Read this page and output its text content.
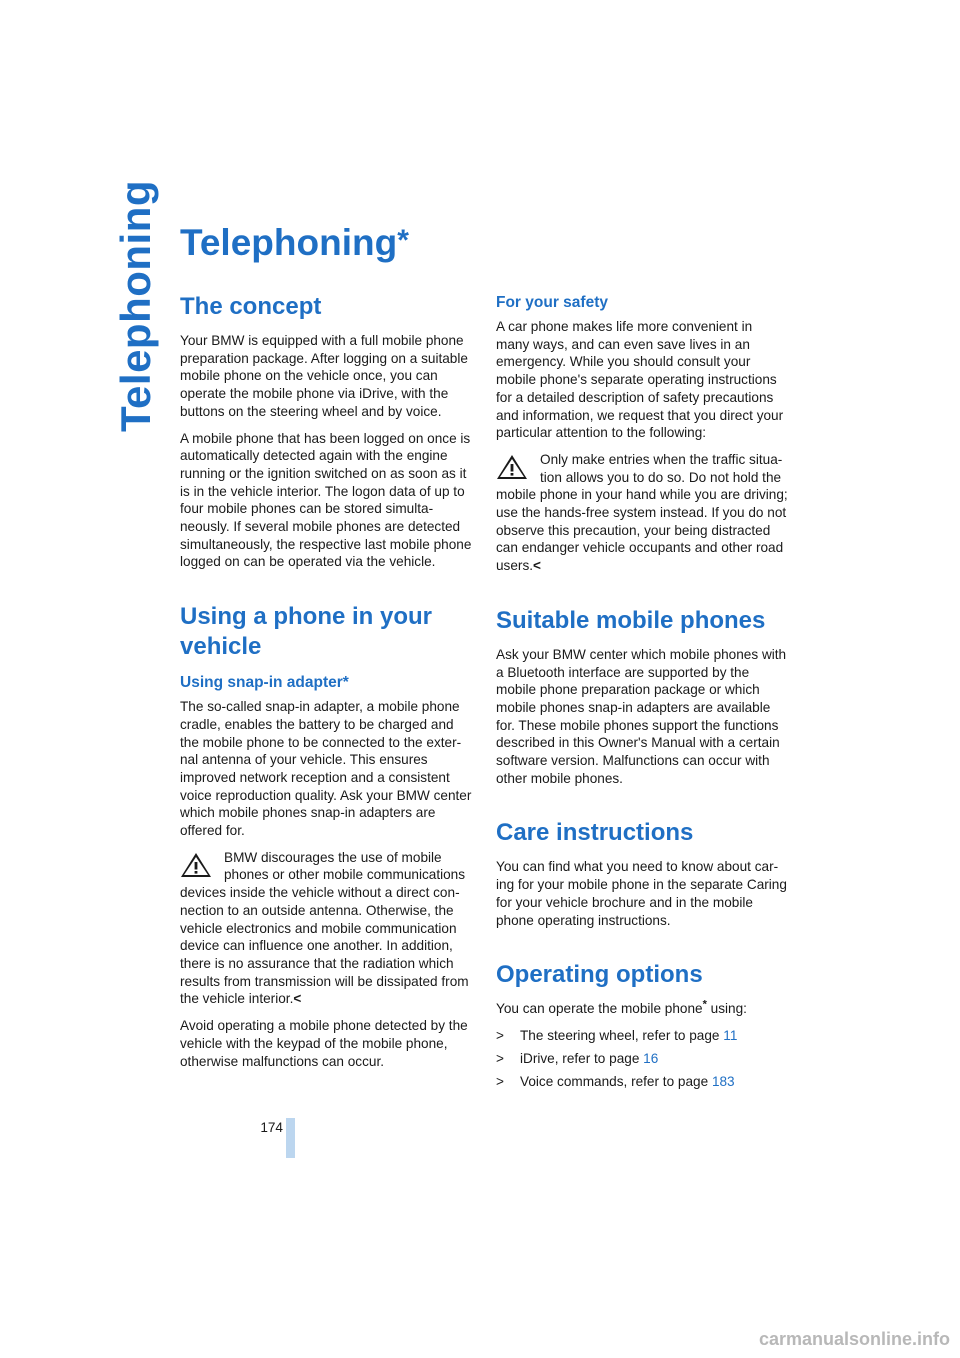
Telephoning Telephoning*
The concept

Your BMW is equipped with a full mobile phone preparation package. After logging on a suitable mobile phone on the vehicle once, you can operate the mobile phone via iDrive, with the buttons on the steering wheel and by voice.

A mobile phone that has been logged on once is automatically detected again with the engine running or the ignition switched on as soon as it is in the vehicle interior. The logon data of up to four mobile phones can be stored simultaneously. If several mobile phones are detected simultaneously, the respective last mobile phone logged on can be operated via the vehicle.

Using a phone in your vehicle
Using snap-in adapter*

The so-called snap-in adapter, a mobile phone cradle, enables the battery to be charged and the mobile phone to be connected to the external antenna of your vehicle. This ensures improved network reception and a consistent voice reproduction quality. Ask your BMW center which mobile phones snap-in adapters are offered for.

BMW discourages the use of mobile phones or other mobile communications devices inside the vehicle without a direct connection to an outside antenna. Otherwise, the vehicle electronics and mobile communication device can influence one another. In addition, there is no assurance that the radiation which results from transmission will be dissipated from the vehicle interior.<

Avoid operating a mobile phone detected by the vehicle with the keypad of the mobile phone, otherwise malfunctions can occur.

For your safety

A car phone makes life more convenient in many ways, and can even save lives in an emergency. While you should consult your mobile phone's separate operating instructions for a detailed description of safety precautions and information, we request that you direct your particular attention to the following:

Only make entries when the traffic situation allows you to do so. Do not hold the mobile phone in your hand while you are driving; use the hands-free system instead. If you do not observe this precaution, your being distracted can endanger vehicle occupants and other road users.<
Suitable mobile phones

Ask your BMW center which mobile phones with a Bluetooth interface are supported by the mobile phone preparation package or which mobile phones snap-in adapters are available for. These mobile phones support the functions described in this Owner's Manual with a certain software version. Malfunctions can occur with other mobile phones.

Care instructions

You can find what you need to know about caring for your mobile phone in the separate Caring for your vehicle brochure and in the mobile phone operating instructions.

Operating options

You can operate the mobile phone* using:

> The steering wheel, refer to page 11
> iDrive, refer to page 16
> Voice commands, refer to page 183
174
carmanualsonline.info
